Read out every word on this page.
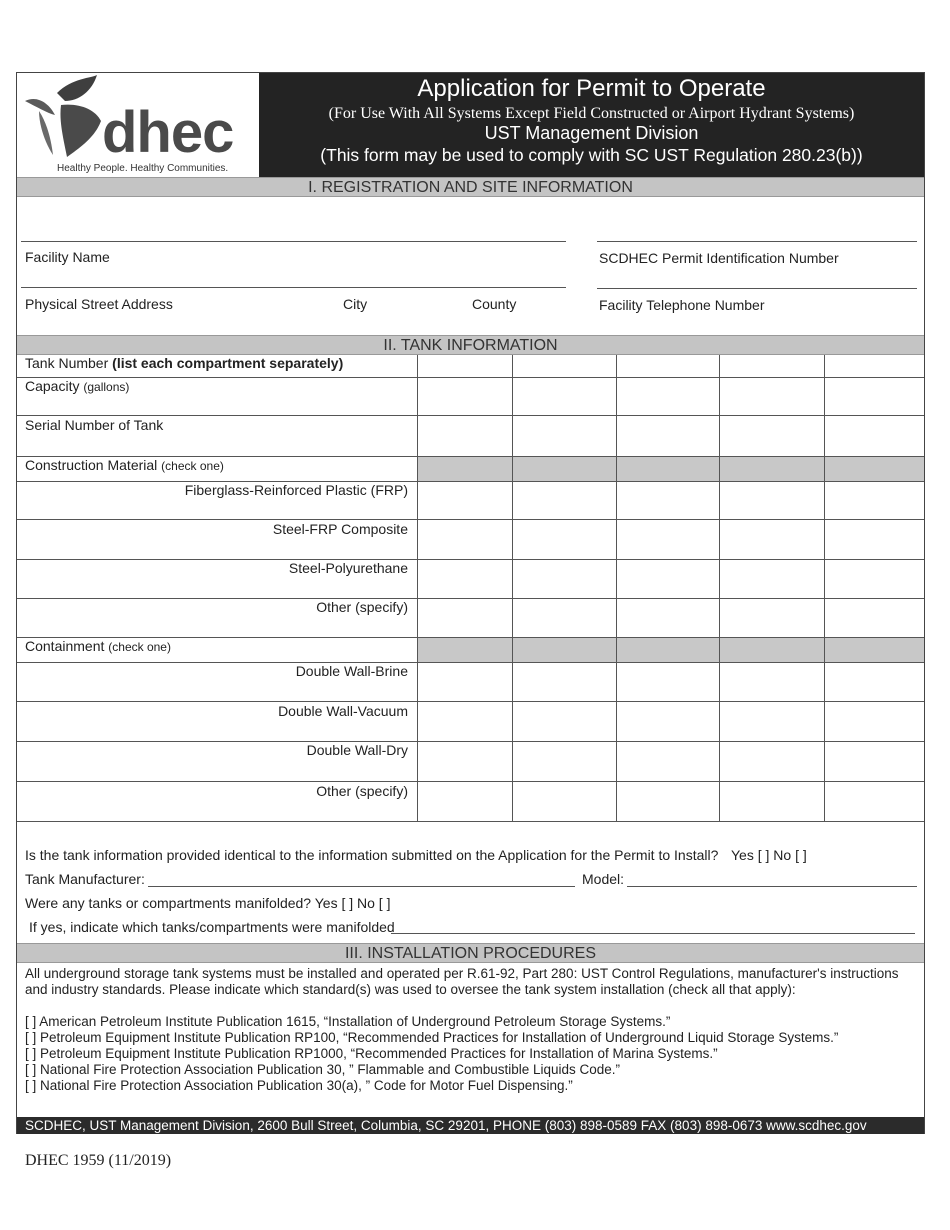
dhec
Healthy People. Healthy Communities.
Application for Permit to Operate
(For Use With All Systems Except Field Constructed or Airport Hydrant Systems)
UST Management Division
(This form may be used to comply with SC UST Regulation 280.23(b))
I. REGISTRATION AND SITE INFORMATION
Facility Name	SCDHEC Permit Identification Number
Physical Street Address	City	County	Facility Telephone Number
II. TANK INFORMATION
Tank Number (list each compartment separately)
Capacity (gallons)
Serial Number of Tank
Construction Material (check one)
Fiberglass-Reinforced Plastic (FRP)
Steel-FRP Composite
Steel-Polyurethane
Other (specify)
Containment (check one)
Double Wall-Brine
Double Wall-Vacuum
Double Wall-Dry
Other (specify)
Is the tank information provided identical to the information submitted on the Application for the Permit to Install? Yes [ ] No [ ]
Tank Manufacturer:	Model:
Were any tanks or compartments manifolded? Yes [ ] No [ ]
If yes, indicate which tanks/compartments were manifolded
III. INSTALLATION PROCEDURES
All underground storage tank systems must be installed and operated per R.61-92, Part 280: UST Control Regulations, manufacturer's instructions and industry standards. Please indicate which standard(s) was used to oversee the tank system installation (check all that apply):
[ ] American Petroleum Institute Publication 1615, “Installation of Underground Petroleum Storage Systems.”
[ ] Petroleum Equipment Institute Publication RP100, “Recommended Practices for Installation of Underground Liquid Storage Systems.”
[ ] Petroleum Equipment Institute Publication RP1000, “Recommended Practices for Installation of Marina Systems.”
[ ] National Fire Protection Association Publication 30, ” Flammable and Combustible Liquids Code.”
[ ] National Fire Protection Association Publication 30(a), ” Code for Motor Fuel Dispensing.”
SCDHEC, UST Management Division, 2600 Bull Street, Columbia, SC 29201, PHONE (803) 898-0589 FAX (803) 898-0673 www.scdhec.gov
DHEC 1959 (11/2019)
